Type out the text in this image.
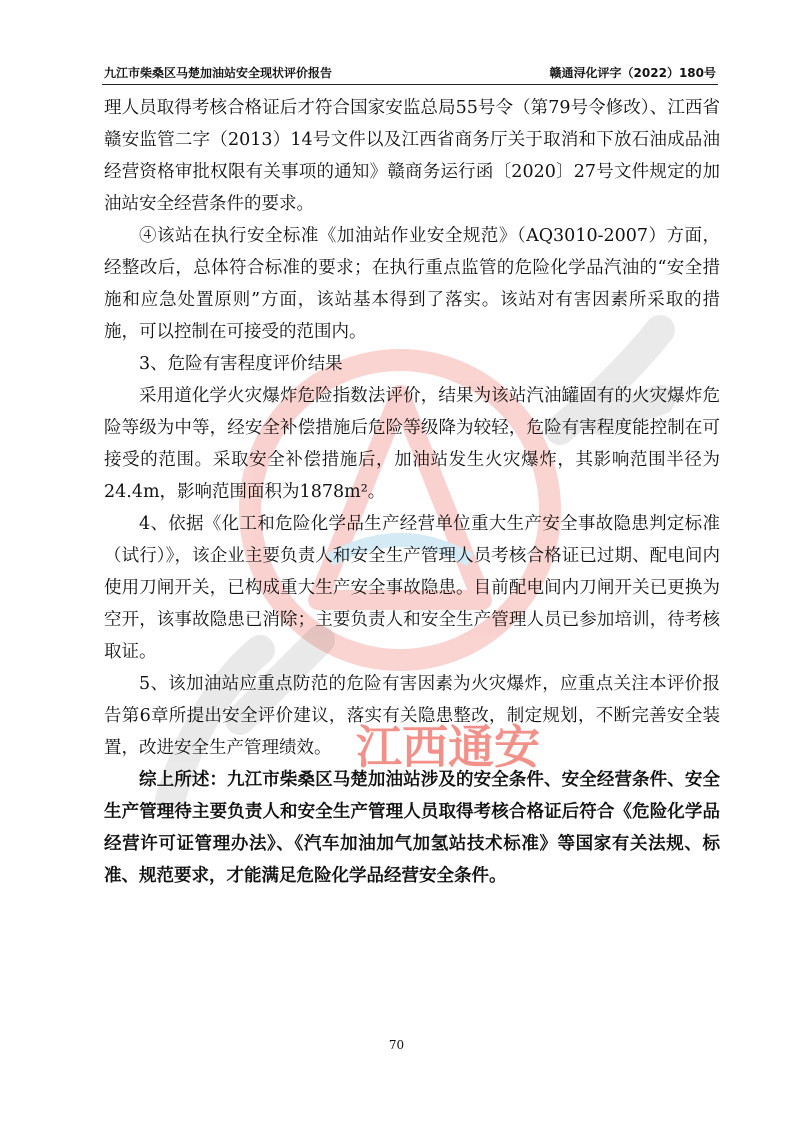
九江市柴桑区马楚加油站安全现状评价报告	赣通浔化评字（2022）180号
江西通安

理人员取得考核合格证后才符合国家安监总局55号令（第79号令修改）、江西省赣安监管二字（2013）14号文件以及江西省商务厅关于取消和下放石油成品油经营资格审批权限有关事项的通知》赣商务运行函〔2020〕27号文件规定的加油站安全经营条件的要求。

④该站在执行安全标准《加油站作业安全规范》（AQ3010-2007）方面，经整改后，总体符合标准的要求；在执行重点监管的危险化学品汽油的“安全措施和应急处置原则”方面，该站基本得到了落实。该站对有害因素所采取的措施，可以控制在可接受的范围内。

3、危险有害程度评价结果

采用道化学火灾爆炸危险指数法评价，结果为该站汽油罐固有的火灾爆炸危险等级为中等，经安全补偿措施后危险等级降为较轻，危险有害程度能控制在可接受的范围。采取安全补偿措施后，加油站发生火灾爆炸，其影响范围半径为24.4m，影响范围面积为1878m²。

4、依据《化工和危险化学品生产经营单位重大生产安全事故隐患判定标准（试行）》，该企业主要负责人和安全生产管理人员考核合格证已过期、配电间内使用刀闸开关，已构成重大生产安全事故隐患。目前配电间内刀闸开关已更换为空开，该事故隐患已消除；主要负责人和安全生产管理人员已参加培训，待考核取证。

5、该加油站应重点防范的危险有害因素为火灾爆炸，应重点关注本评价报告第6章所提出安全评价建议，落实有关隐患整改，制定规划，不断完善安全装置，改进安全生产管理绩效。

综上所述：九江市柴桑区马楚加油站涉及的安全条件、安全经营条件、安全生产管理待主要负责人和安全生产管理人员取得考核合格证后符合《危险化学品经营许可证管理办法》、《汽车加油加气加氢站技术标准》等国家有关法规、标准、规范要求，才能满足危险化学品经营安全条件。

70
